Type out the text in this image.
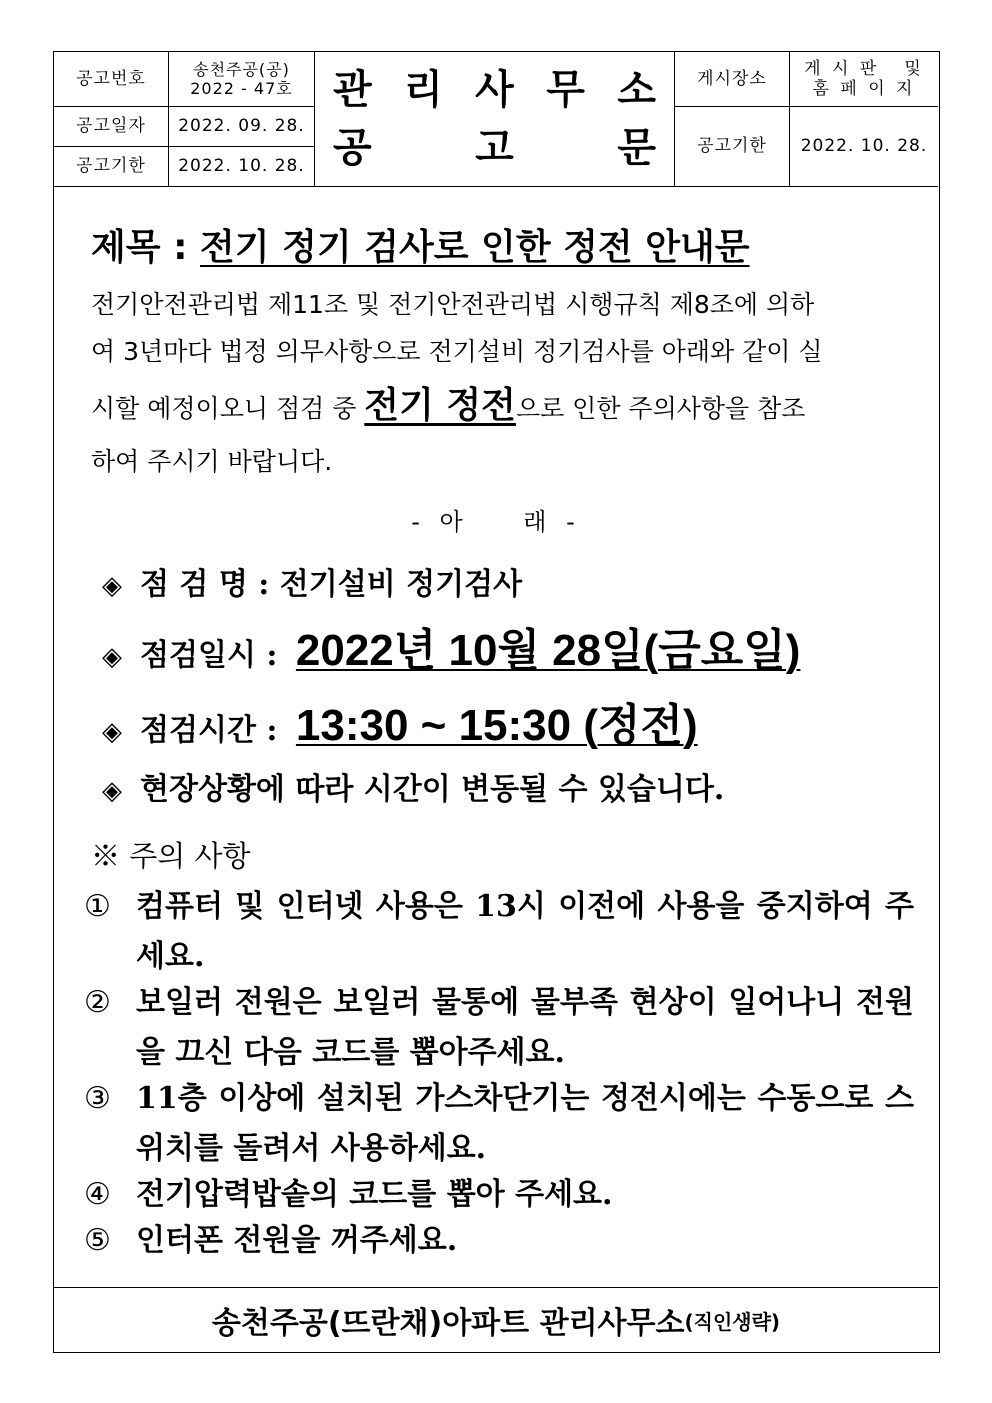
공고번호	송천주공(공)
2022 - 47호
공고일자	2022. 09. 28.
공고기한	2022. 10. 28.
관 리 사 무 소
공	고	문
게시장소
게 시 판   및
홈 페 이 지
공고기한	2022. 10. 28.
제목 : 전기 정기 검사로 인한 정전 안내문
전기안전관리법 제11조 및 전기안전관리법 시행규칙 제8조에 의하
여 3년마다 법정 의무사항으로 전기설비 정기검사를 아래와 같이 실
시할 예정이오니 점검 중 전기 정전으로 인한 주의사항을 참조
하여 주시기 바랍니다.
- 아    래 -
◈ 점 검 명 : 전기설비 정기검사
◈ 점검일시 : 2022년 10월 28일(금요일)
◈ 점검시간 : 13:30 ~ 15:30 (정전)
◈ 현장상황에 따라 시간이 변동될 수 있습니다.
※ 주의 사항
① 컴퓨터 및 인터넷 사용은 13시 이전에 사용을 중지하여 주세요.
② 보일러 전원은 보일러 물통에 물부족 현상이 일어나니 전원을 끄신 다음 코드를 뽑아주세요.
③ 11층 이상에 설치된 가스차단기는 정전시에는 수동으로 스위치를 돌려서 사용하세요.
④ 전기압력밥솥의 코드를 뽑아 주세요.
⑤ 인터폰 전원을 꺼주세요.
송천주공(뜨란채)아파트 관리사무소 (직인생략)
